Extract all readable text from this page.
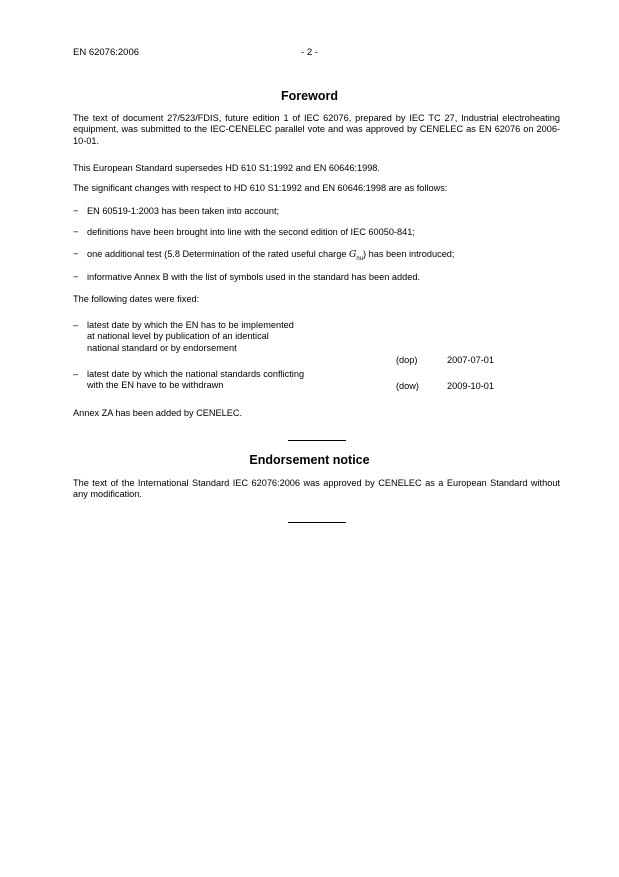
EN 62076:2006	- 2 -
Foreword

The text of document 27/523/FDIS, future edition 1 of IEC 62076, prepared by IEC TC 27, Industrial electroheating equipment, was submitted to the IEC-CENELEC parallel vote and was approved by CENELEC as EN 62076 on 2006-10-01.

This European Standard supersedes HD 610 S1:1992 and EN 60646:1998.

The significant changes with respect to HD 610 S1:1992 and EN 60646:1998 are as follows:

− EN 60519-1:2003 has been taken into account;
− definitions have been brought into line with the second edition of IEC 60050-841;
− one additional test (5.8 Determination of the rated useful charge $G_{nu}$) has been introduced;
− informative Annex B with the list of symbols used in the standard has been added.

The following dates were fixed:

– latest date by which the EN has to be implemented
at national level by publication of an identical
national standard or by endorsement
(dop)	2007-07-01
– latest date by which the national standards conflicting
with the EN have to be withdrawn	(dow)	2009-10-01

Annex ZA has been added by CENELEC.

Endorsement notice

The text of the International Standard IEC 62076:2006 was approved by CENELEC as a European Standard without any modification.
